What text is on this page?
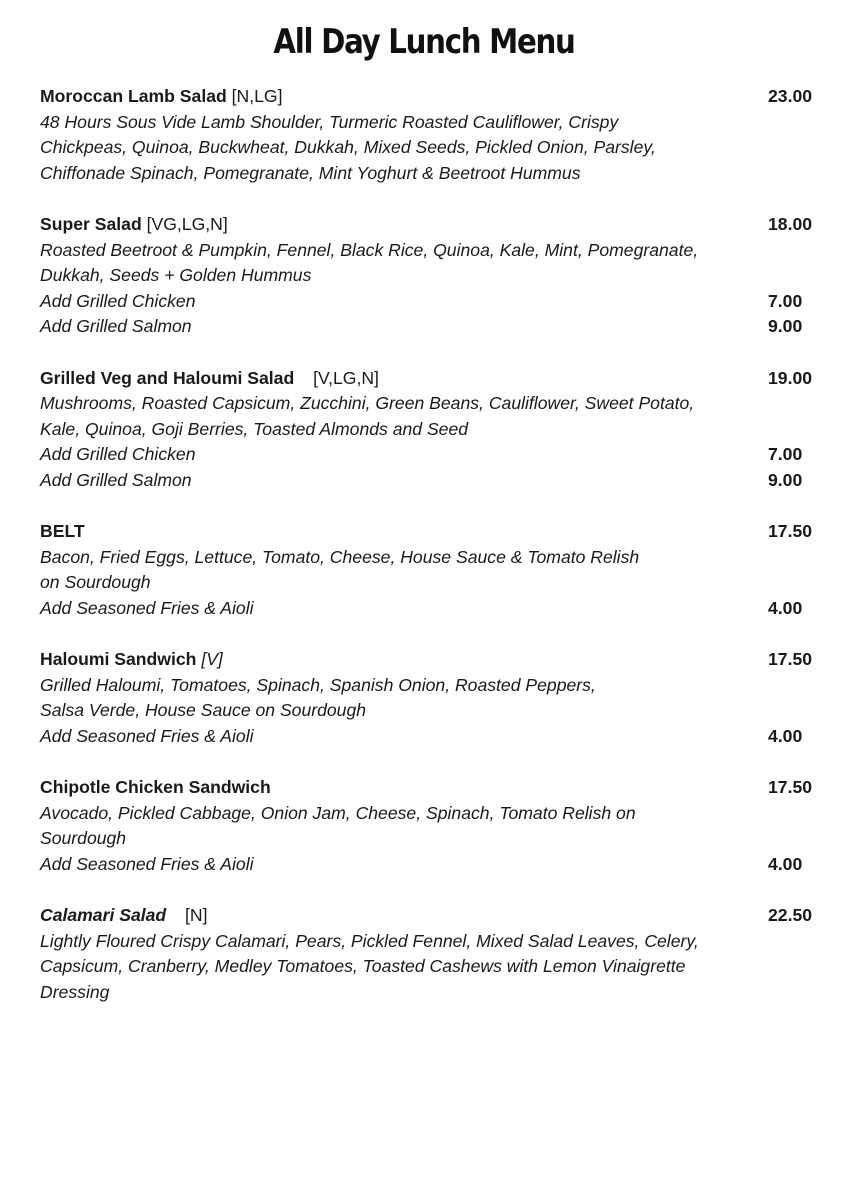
All Day Lunch Menu
Moroccan Lamb Salad [N,LG]	23.00
48 Hours Sous Vide Lamb Shoulder, Turmeric Roasted Cauliflower, Crispy
Chickpeas, Quinoa, Buckwheat, Dukkah, Mixed Seeds, Pickled Onion, Parsley,
Chiffonade Spinach, Pomegranate, Mint Yoghurt & Beetroot Hummus
Super Salad [VG,LG,N]	18.00
Roasted Beetroot & Pumpkin, Fennel, Black Rice, Quinoa, Kale, Mint, Pomegranate,
Dukkah, Seeds + Golden Hummus
Add Grilled Chicken	7.00
Add Grilled Salmon	9.00
Grilled Veg and Haloumi Salad [V,LG,N]	19.00
Mushrooms, Roasted Capsicum, Zucchini, Green Beans, Cauliflower, Sweet Potato,
Kale, Quinoa, Goji Berries, Toasted Almonds and Seed
Add Grilled Chicken	7.00
Add Grilled Salmon	9.00
BELT	17.50
Bacon, Fried Eggs, Lettuce, Tomato, Cheese, House Sauce & Tomato Relish
on Sourdough
Add Seasoned Fries & Aioli	4.00
Haloumi Sandwich [V]	17.50
Grilled Haloumi, Tomatoes, Spinach, Spanish Onion, Roasted Peppers,
Salsa Verde, House Sauce on Sourdough
Add Seasoned Fries & Aioli	4.00
Chipotle Chicken Sandwich	17.50
Avocado, Pickled Cabbage, Onion Jam, Cheese, Spinach, Tomato Relish on
Sourdough
Add Seasoned Fries & Aioli	4.00
Calamari Salad [N]	22.50
Lightly Floured Crispy Calamari, Pears, Pickled Fennel, Mixed Salad Leaves, Celery,
Capsicum, Cranberry, Medley Tomatoes, Toasted Cashews with Lemon Vinaigrette
Dressing
